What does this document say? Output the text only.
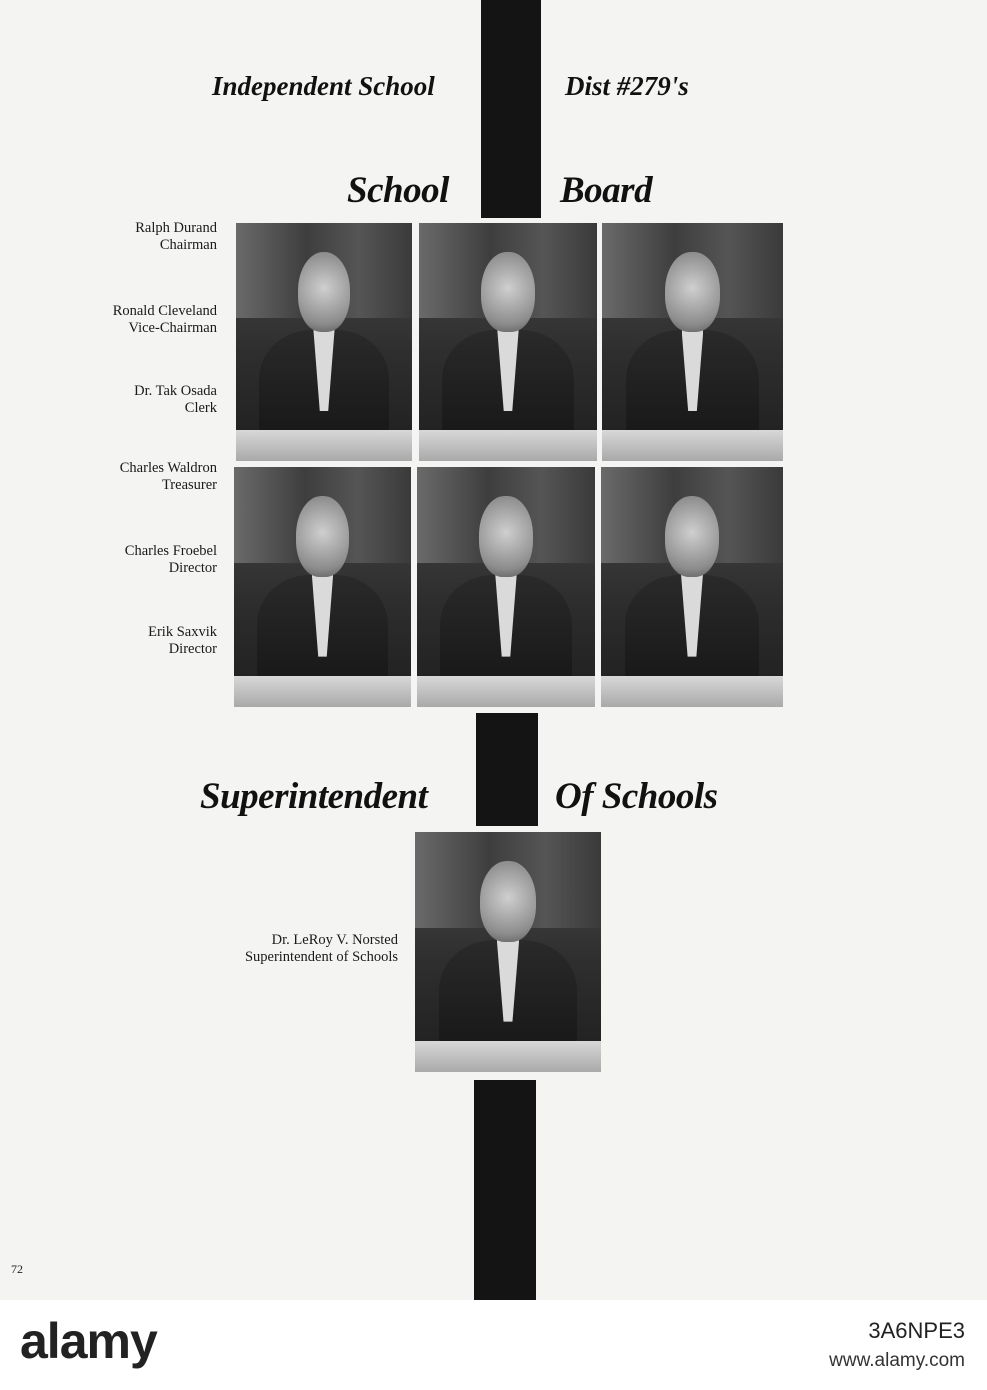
Independent School	Dist #279's
School	Board
Ralph Durand
Chairman
Ronald Cleveland
Vice-Chairman
Dr. Tak Osada
Clerk
Charles Waldron
Treasurer
Charles Froebel
Director
Erik Saxvik
Director
Superintendent	Of Schools
Dr. LeRoy V. Norsted
Superintendent of Schools
72
alamy	3A6NPE3
www.alamy.com
